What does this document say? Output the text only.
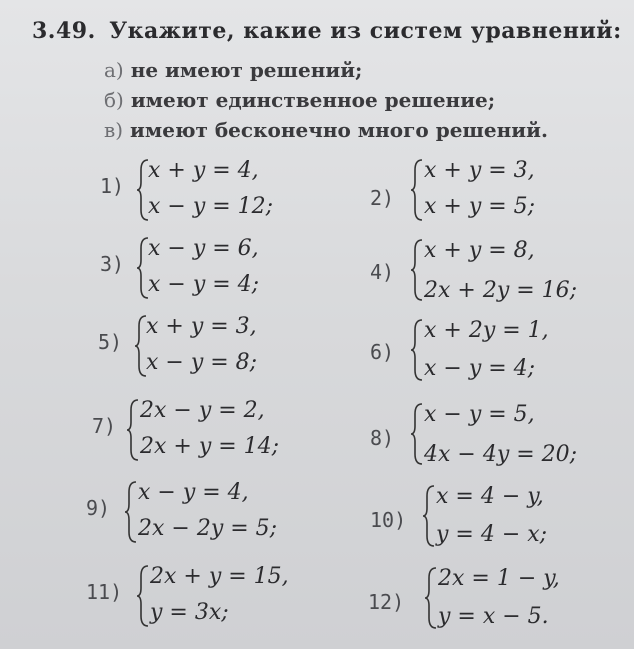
3.49. Укажите, какие из систем уравнений:
а) не имеют решений;
б) имеют единственное решение;
в) имеют бесконечно много решений.
1)
x + y = 4,
x − y = 12;
3)
x − y = 6,
x − y = 4;
5)
x + y = 3,
x − y = 8;
7)
2x − y = 2,
2x + y = 14;
9)
x − y = 4,
2x − 2y = 5;
11)
2x + y = 15,
y = 3x;
2)
x + y = 3,
x + y = 5;
4)
x + y = 8,
2x + 2y = 16;
6)
x + 2y = 1,
x − y = 4;
8)
x − y = 5,
4x − 4y = 20;
10)
x = 4 − y,
y = 4 − x;
12)
2x = 1 − y,
y = x − 5.
